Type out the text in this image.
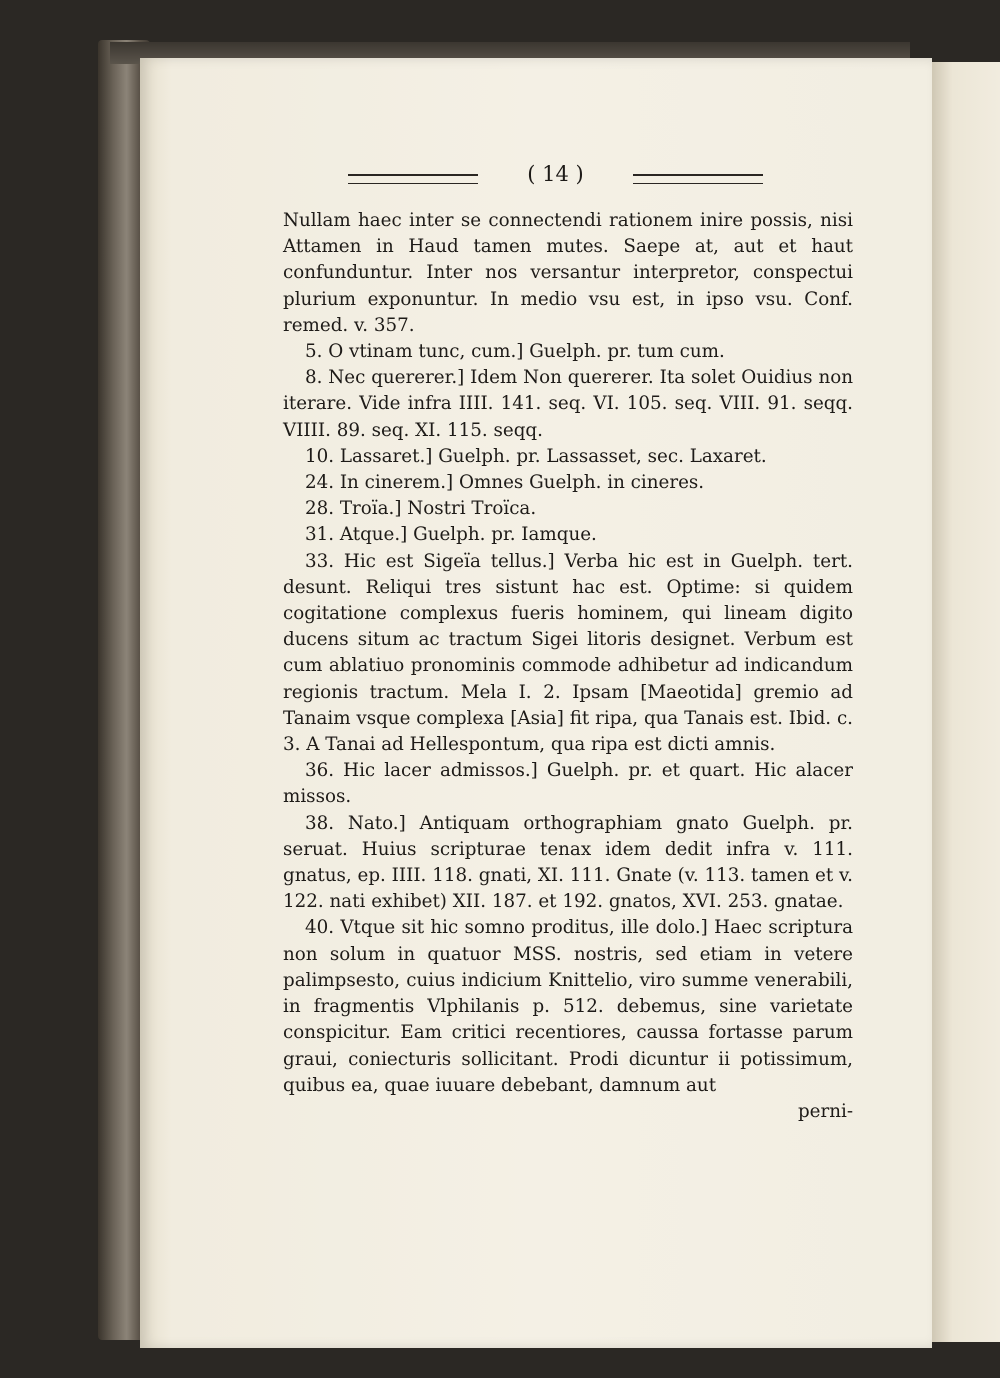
( 14 )

Nullam haec inter se connectendi rationem inire possis, nisi Attamen in Haud tamen mutes. Saepe at, aut et haut confunduntur. Inter nos versantur interpretor, conspectui plurium exponuntur. In medio vsu est, in ipso vsu. Conf. remed. v. 357.

5. O vtinam tunc, cum.] Guelph. pr. tum cum.

8. Nec quererer.] Idem Non quererer. Ita solet Ouidius non iterare. Vide infra IIII. 141. seq. VI. 105. seq. VIII. 91. seqq. VIIII. 89. seq. XI. 115. seqq.

10. Lassaret.] Guelph. pr. Lassasset, sec. Laxaret.

24. In cinerem.] Omnes Guelph. in cineres.

28. Troïa.] Nostri Troïca.

31. Atque.] Guelph. pr. Iamque.

33. Hic est Sigeïa tellus.] Verba hic est in Guelph. tert. desunt. Reliqui tres sistunt hac est. Optime: si quidem cogitatione complexus fueris hominem, qui lineam digito ducens situm ac tractum Sigei litoris designet. Verbum est cum ablatiuo pronominis commode adhibetur ad indicandum regionis tractum. Mela I. 2. Ipsam [Maeotida] gremio ad Tanaim vsque complexa [Asia] fit ripa, qua Tanais est. Ibid. c. 3. A Tanai ad Hellespontum, qua ripa est dicti amnis.

36. Hic lacer admissos.] Guelph. pr. et quart. Hic alacer missos.

38. Nato.] Antiquam orthographiam gnato Guelph. pr. seruat. Huius scripturae tenax idem dedit infra v. 111. gnatus, ep. IIII. 118. gnati, XI. 111. Gnate (v. 113. tamen et v. 122. nati exhibet) XII. 187. et 192. gnatos, XVI. 253. gnatae.

40. Vtque sit hic somno proditus, ille dolo.] Haec scriptura non solum in quatuor MSS. nostris, sed etiam in vetere palimpsesto, cuius indicium Knittelio, viro summe venerabili, in fragmentis Vlphilanis p. 512. debemus, sine varietate conspicitur. Eam critici recentiores, caussa fortasse parum graui, coniecturis sollicitant. Prodi dicuntur ii potissimum, quibus ea, quae iuuare debebant, damnum aut

perni-
